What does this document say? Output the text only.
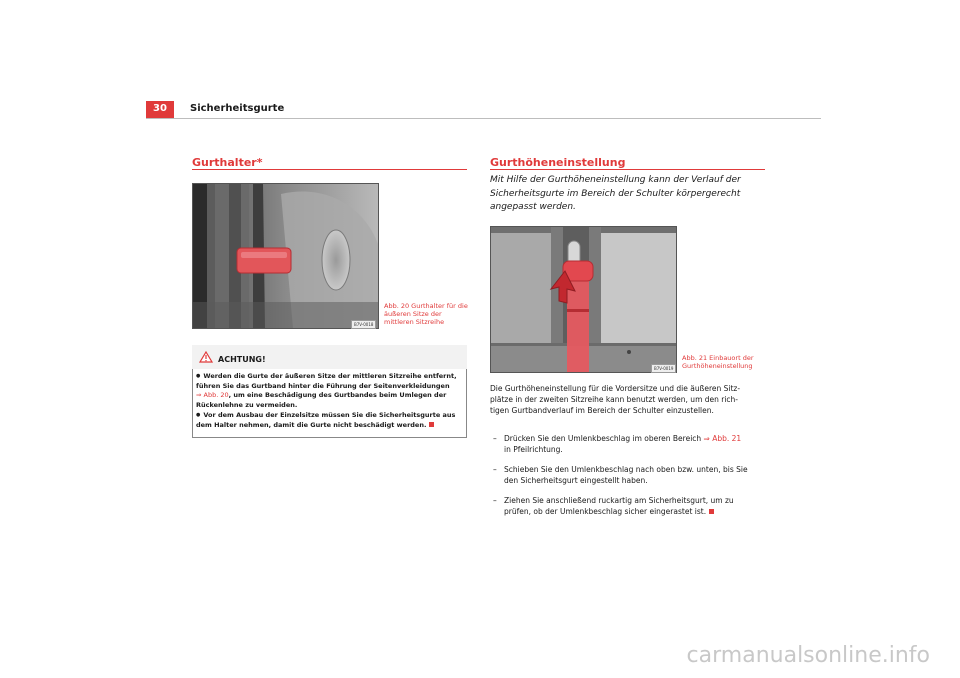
30	Sicherheitsgurte
Gurthalter*
B7V-0018
Abb. 20 Gurthalter für die äußeren Sitze der mittleren Sitzreihe
ACHTUNG!
● Werden die Gurte der äußeren Sitze der mittleren Sitzreihe entfernt,
führen Sie das Gurtband hinter die Führung der Seitenverkleidungen
⇒ Abb. 20, um eine Beschädigung des Gurtbandes beim Umlegen der
Rückenlehne zu vermeiden.
● Vor dem Ausbau der Einzelsitze müssen Sie die Sicherheitsgurte aus
dem Halter nehmen, damit die Gurte nicht beschädigt werden.
Gurthöheneinstellung
Mit Hilfe der Gurthöheneinstellung kann der Verlauf der
Sicherheitsgurte im Bereich der Schulter körpergerecht
angepasst werden.
B7V-0019
Abb. 21 Einbauort der
Gurthöheneinstellung
Die Gurthöheneinstellung für die Vordersitze und die äußeren Sitz-
plätze in der zweiten Sitzreihe kann benutzt werden, um den rich-
tigen Gurtbandverlauf im Bereich der Schulter einzustellen.
– Drücken Sie den Umlenkbeschlag im oberen Bereich ⇒ Abb. 21
in Pfeilrichtung.
– Schieben Sie den Umlenkbeschlag nach oben bzw. unten, bis Sie
den Sicherheitsgurt eingestellt haben.
– Ziehen Sie anschließend ruckartig am Sicherheitsgurt, um zu
prüfen, ob der Umlenkbeschlag sicher eingerastet ist.
carmanualsonline.info
